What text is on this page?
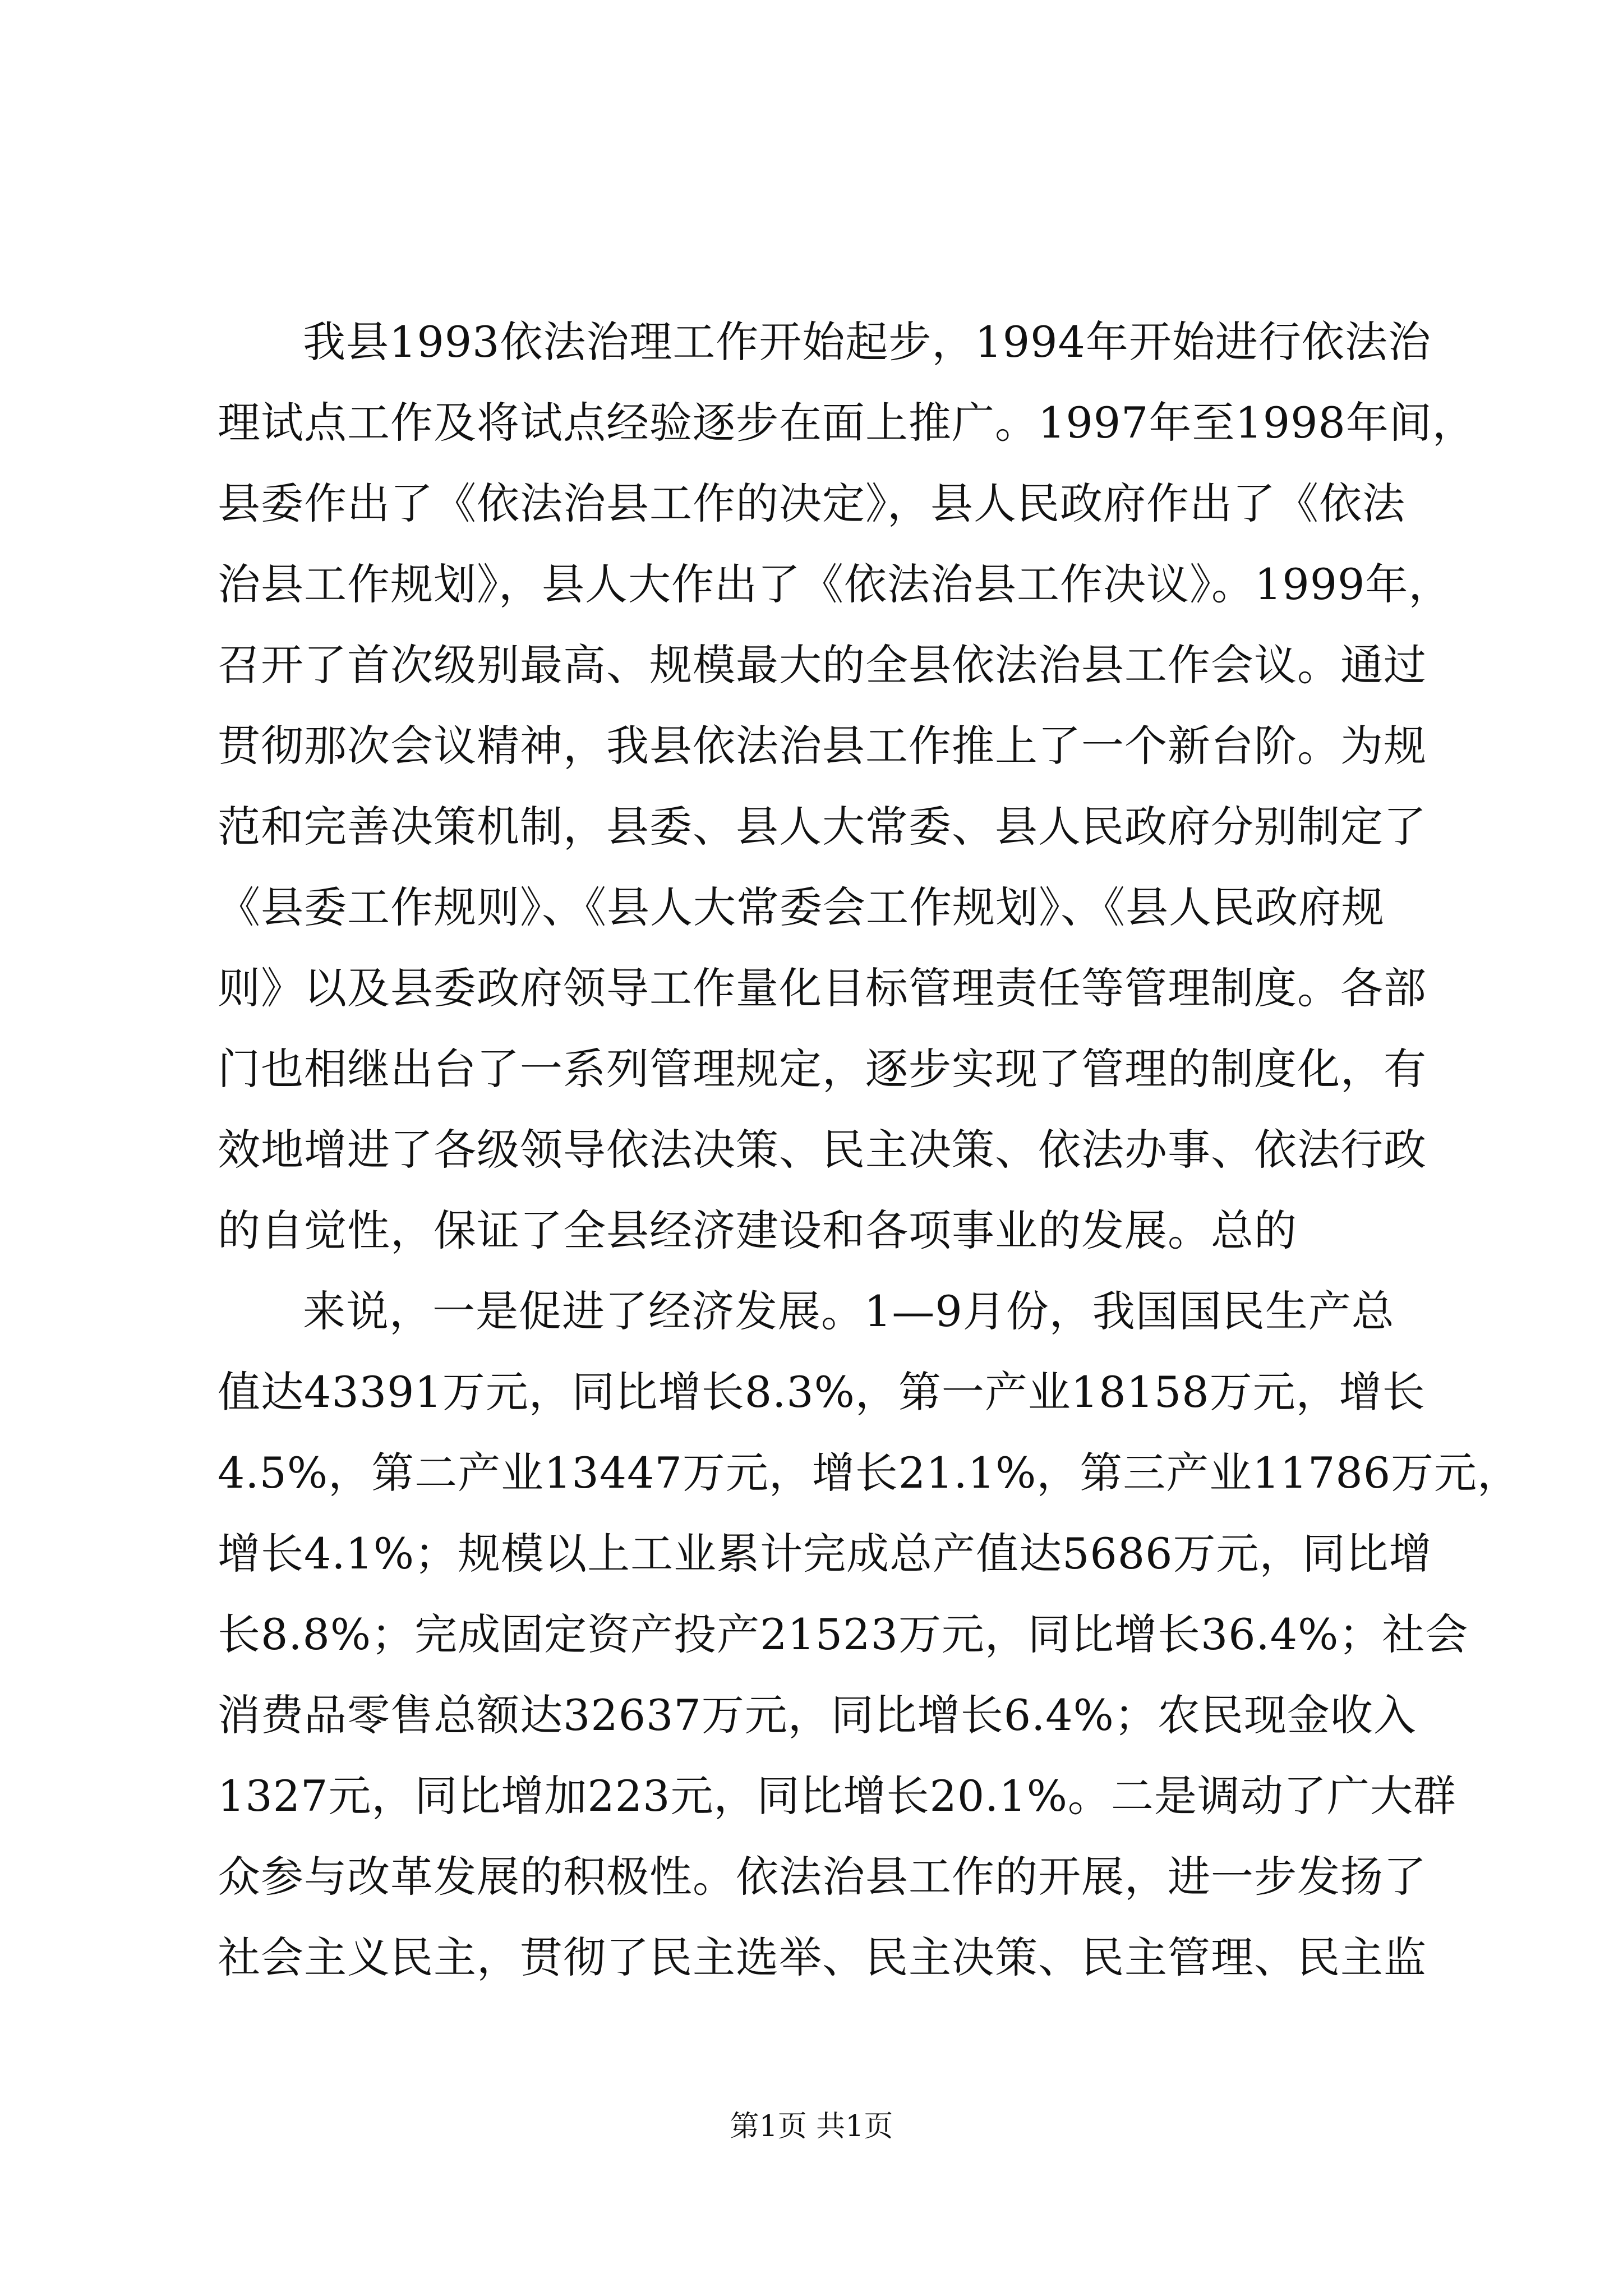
我县1993依法治理工作开始起步，1994年开始进行依法治
理试点工作及将试点经验逐步在面上推广。1997年至1998年间，
县委作出了《依法治县工作的决定》，县人民政府作出了《依法
治县工作规划》，县人大作出了《依法治县工作决议》。1999年，
召开了首次级别最高、规模最大的全县依法治县工作会议。通过
贯彻那次会议精神，我县依法治县工作推上了一个新台阶。为规
范和完善决策机制，县委、县人大常委、县人民政府分别制定了
《县委工作规则》、《县人大常委会工作规划》、《县人民政府规
则》以及县委政府领导工作量化目标管理责任等管理制度。各部
门也相继出台了一系列管理规定，逐步实现了管理的制度化，有
效地增进了各级领导依法决策、民主决策、依法办事、依法行政
的自觉性，保证了全县经济建设和各项事业的发展。总的
来说，一是促进了经济发展。1—9月份，我国国民生产总
值达43391万元，同比增长8.3%，第一产业18158万元，增长
4.5%，第二产业13447万元，增长21.1%，第三产业11786万元，
增长4.1%；规模以上工业累计完成总产值达5686万元，同比增
长8.8%；完成固定资产投产21523万元，同比增长36.4%；社会
消费品零售总额达32637万元，同比增长6.4%；农民现金收入
1327元，同比增加223元，同比增长20.1%。二是调动了广大群
众参与改革发展的积极性。依法治县工作的开展，进一步发扬了
社会主义民主，贯彻了民主选举、民主决策、民主管理、民主监
第1页 共1页
